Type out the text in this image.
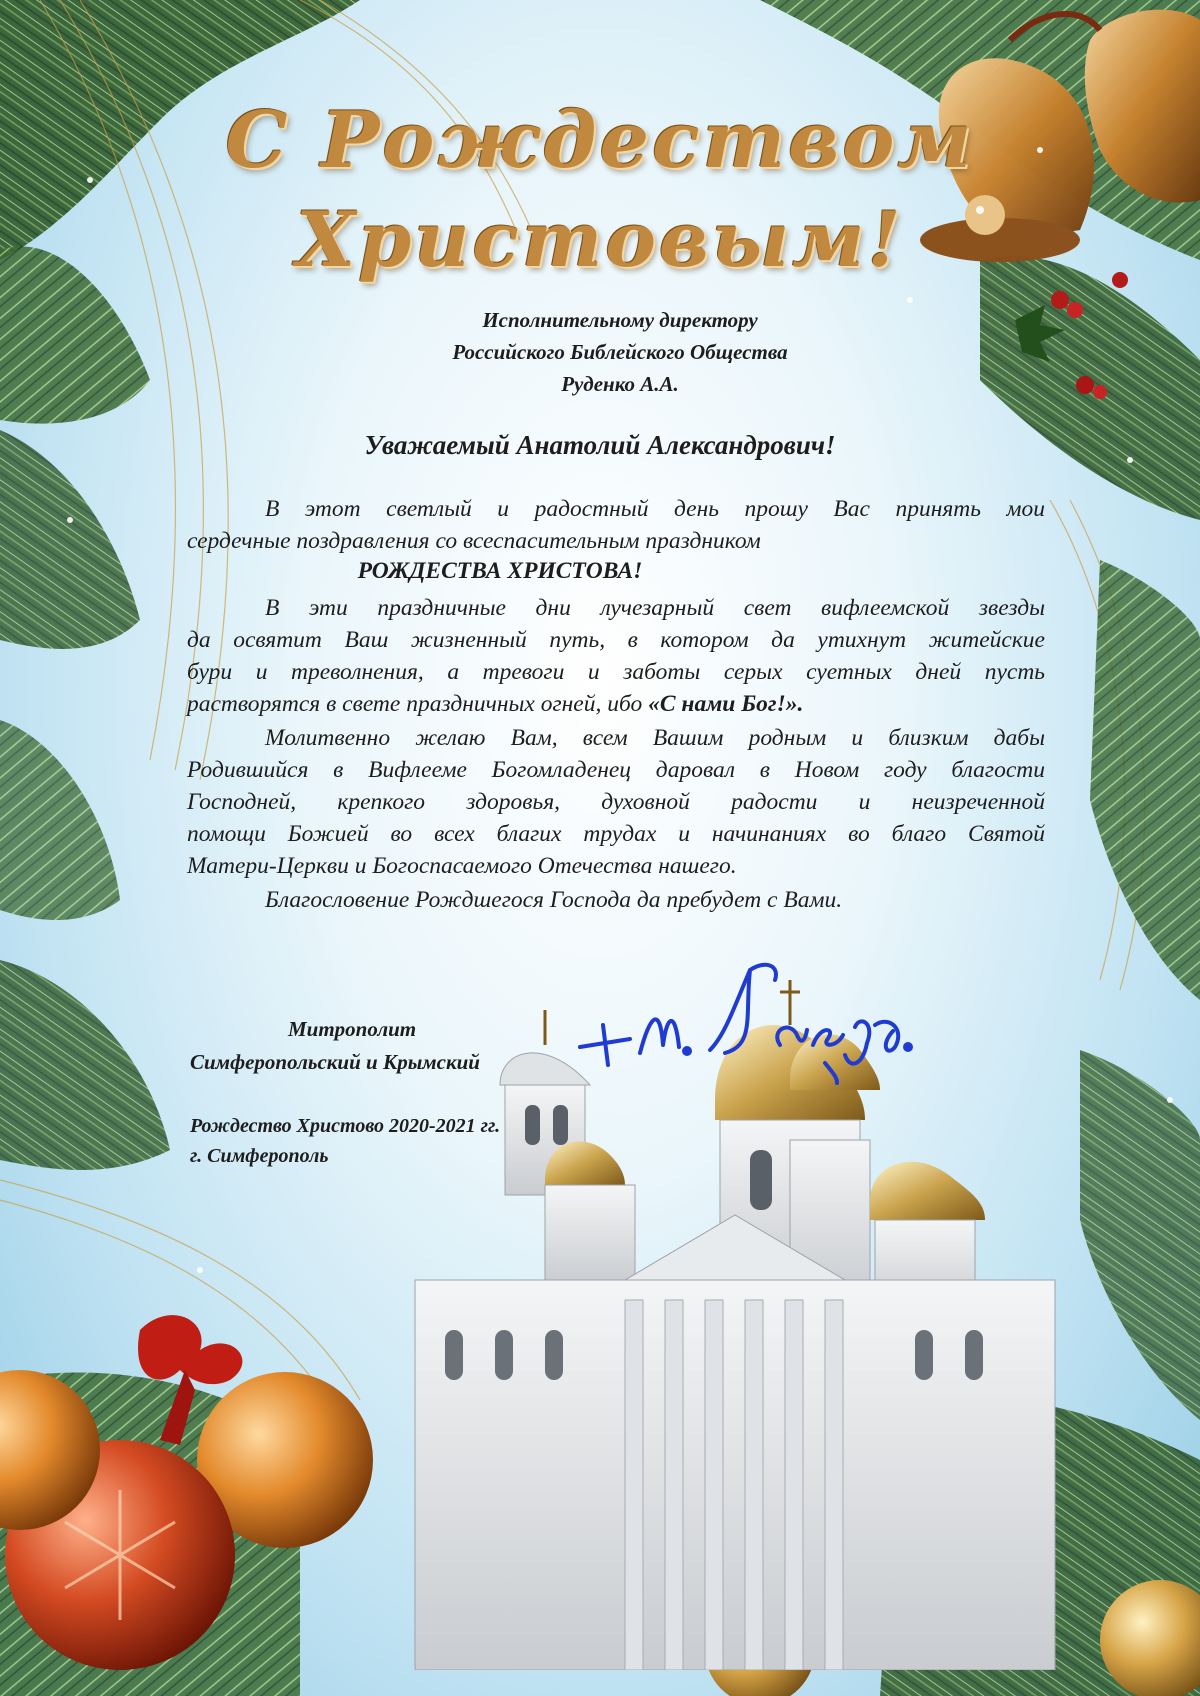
С Рождеством
Христовым!
Исполнительному директору
Российского Библейского Общества
Руденко А.А.
Уважаемый Анатолий Александрович!
В этот светлый и радостный день прошу Вас принять мои
сердечные поздравления со всеспасительным праздником
РОЖДЕСТВА ХРИСТОВА!
В эти праздничные дни лучезарный свет вифлеемской звезды
да освятит Ваш жизненный путь, в котором да утихнут житейские
бури и треволнения, а тревоги и заботы серых суетных дней пусть
растворятся в свете праздничных огней, ибо «С нами Бог!».
Молитвенно желаю Вам, всем Вашим родным и близким дабы
Родившийся в Вифлееме Богомладенец даровал в Новом году благости
Господней, крепкого здоровья, духовной радости и неизреченной
помощи Божией во всех благих трудах и начинаниях во благо Святой
Матери-Церкви и Богоспасаемого Отечества нашего.
Благословение Рождшегося Господа да пребудет с Вами.
Митрополит
Симферопольский и Крымский
Рождество Христово 2020-2021 гг.
г. Симферополь
